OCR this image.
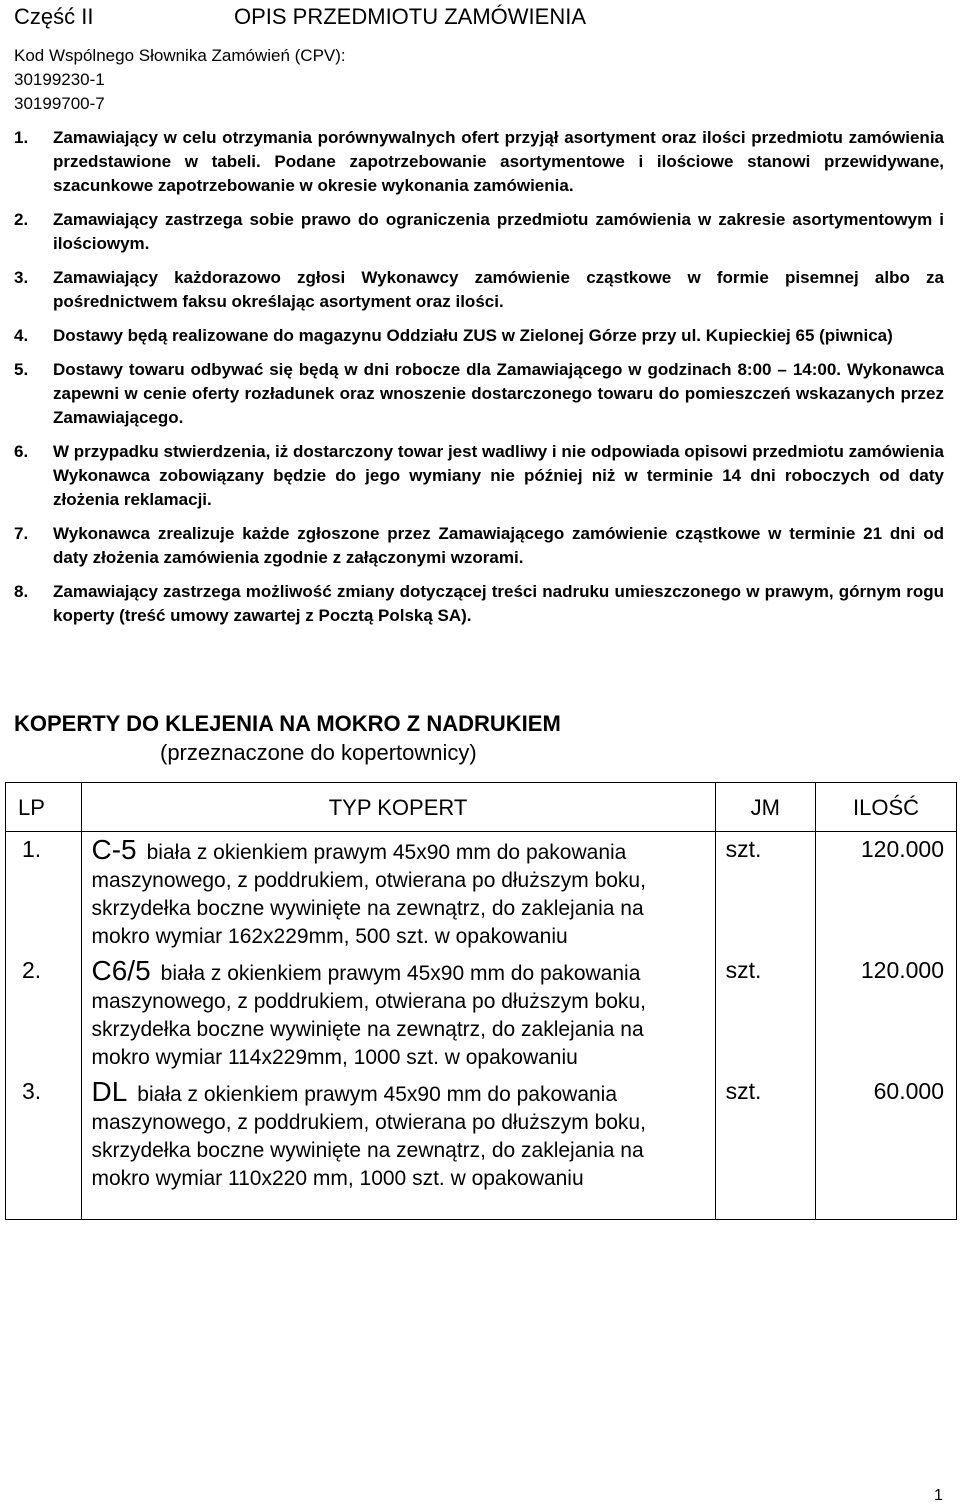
Część II	OPIS PRZEDMIOTU ZAMÓWIENIA
Kod Wspólnego Słownika Zamówień (CPV):
30199230-1
30199700-7
1.	Zamawiający w celu otrzymania porównywalnych ofert przyjął asortyment oraz ilości przedmiotu zamówienia przedstawione w tabeli. Podane zapotrzebowanie asortymentowe i ilościowe stanowi przewidywane, szacunkowe zapotrzebowanie w okresie wykonania zamówienia.
2.	Zamawiający zastrzega sobie prawo do ograniczenia przedmiotu zamówienia w zakresie asortymentowym i ilościowym.
3.	Zamawiający każdorazowo zgłosi Wykonawcy zamówienie cząstkowe w formie pisemnej albo za pośrednictwem faksu określając asortyment oraz ilości.
4.	Dostawy będą realizowane do magazynu Oddziału ZUS w Zielonej Górze przy ul. Kupieckiej 65 (piwnica)
5.	Dostawy towaru odbywać się będą w dni robocze dla Zamawiającego w godzinach 8:00 – 14:00. Wykonawca zapewni w cenie oferty rozładunek oraz wnoszenie dostarczonego towaru do pomieszczeń wskazanych przez Zamawiającego.
6.	W przypadku stwierdzenia, iż dostarczony towar jest wadliwy i nie odpowiada opisowi przedmiotu zamówienia Wykonawca zobowiązany będzie do jego wymiany nie później niż w terminie 14 dni roboczych od daty złożenia reklamacji.
7.	Wykonawca zrealizuje każde zgłoszone przez Zamawiającego zamówienie cząstkowe w terminie 21 dni od daty złożenia zamówienia zgodnie z załączonymi wzorami.
8.	Zamawiający zastrzega możliwość zmiany dotyczącej treści nadruku umieszczonego w prawym, górnym rogu koperty (treść umowy zawartej z Pocztą Polską SA).
KOPERTY DO KLEJENIA NA MOKRO Z NADRUKIEM
(przeznaczone do kopertownicy)
LP	TYP KOPERT	JM	ILOŚĆ
1.	C-5 biała z okienkiem prawym 45x90 mm do pakowania maszynowego, z poddrukiem, otwierana po dłuższym boku, skrzydełka boczne wywinięte na zewnątrz, do zaklejania na mokro wymiar 162x229mm, 500 szt. w opakowaniu	szt.	120.000
2.	C6/5 biała z okienkiem prawym 45x90 mm do pakowania maszynowego, z poddrukiem, otwierana po dłuższym boku, skrzydełka boczne wywinięte na zewnątrz, do zaklejania na mokro wymiar 114x229mm, 1000 szt. w opakowaniu	szt.	120.000
3.	DL biała z okienkiem prawym 45x90 mm do pakowania maszynowego, z poddrukiem, otwierana po dłuższym boku, skrzydełka boczne wywinięte na zewnątrz, do zaklejania na mokro wymiar 110x220 mm, 1000 szt. w opakowaniu	szt.	60.000
1
